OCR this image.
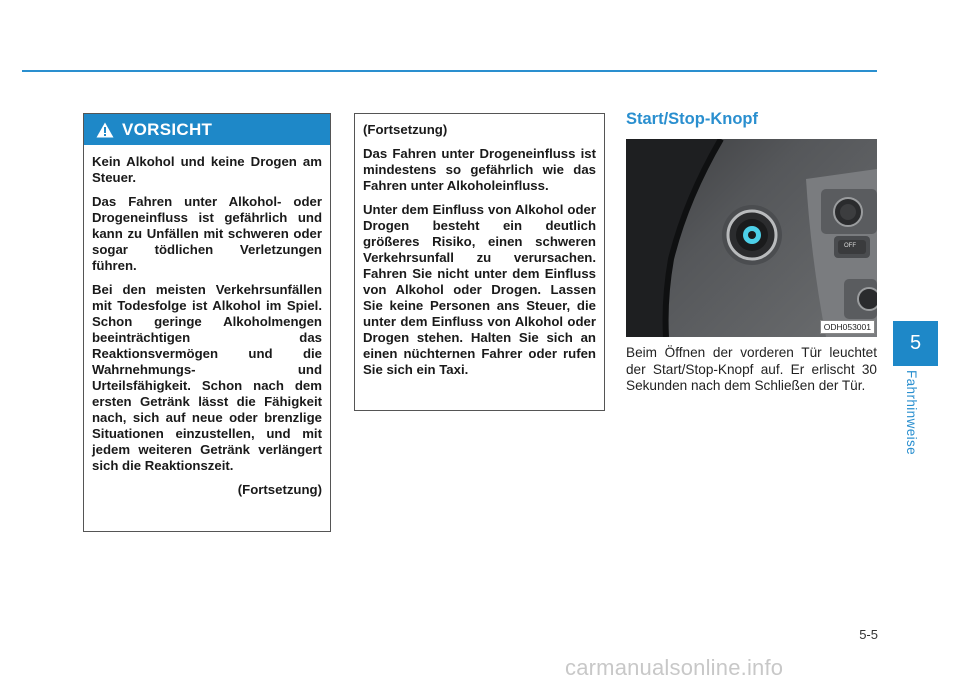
VORSICHT

Kein Alkohol und keine Drogen am Steuer.

Das Fahren unter Alkohol- oder Drogeneinfluss ist gefährlich und kann zu Unfällen mit schweren oder sogar tödlichen Verletzungen führen.

Bei den meisten Verkehrsunfällen mit Todesfolge ist Alkohol im Spiel. Schon geringe Alkoholmengen beeinträchtigen das Reaktionsvermögen und die Wahrnehmungs- und Urteilsfähigkeit. Schon nach dem ersten Getränk lässt die Fähigkeit nach, sich auf neue oder brenzlige Situationen einzustellen, und mit jedem weiteren Getränk verlängert sich die Reaktionszeit.

(Fortsetzung)

(Fortsetzung)

Das Fahren unter Drogeneinfluss ist mindestens so gefährlich wie das Fahren unter Alkoholeinfluss.

Unter dem Einfluss von Alkohol oder Drogen besteht ein deutlich größeres Risiko, einen schweren Verkehrsunfall zu verursachen. Fahren Sie nicht unter dem Einfluss von Alkohol oder Drogen. Lassen Sie keine Personen ans Steuer, die unter dem Einfluss von Alkohol oder Drogen stehen. Halten Sie sich an einen nüchternen Fahrer oder rufen Sie sich ein Taxi.

Start/Stop-Knopf
OFF
ODH053001

Beim Öffnen der vorderen Tür leuchtet der Start/Stop-Knopf auf. Er erlischt 30 Sekunden nach dem Schließen der Tür.

5
Fahrhinweise
5-5
carmanualsonline.info
